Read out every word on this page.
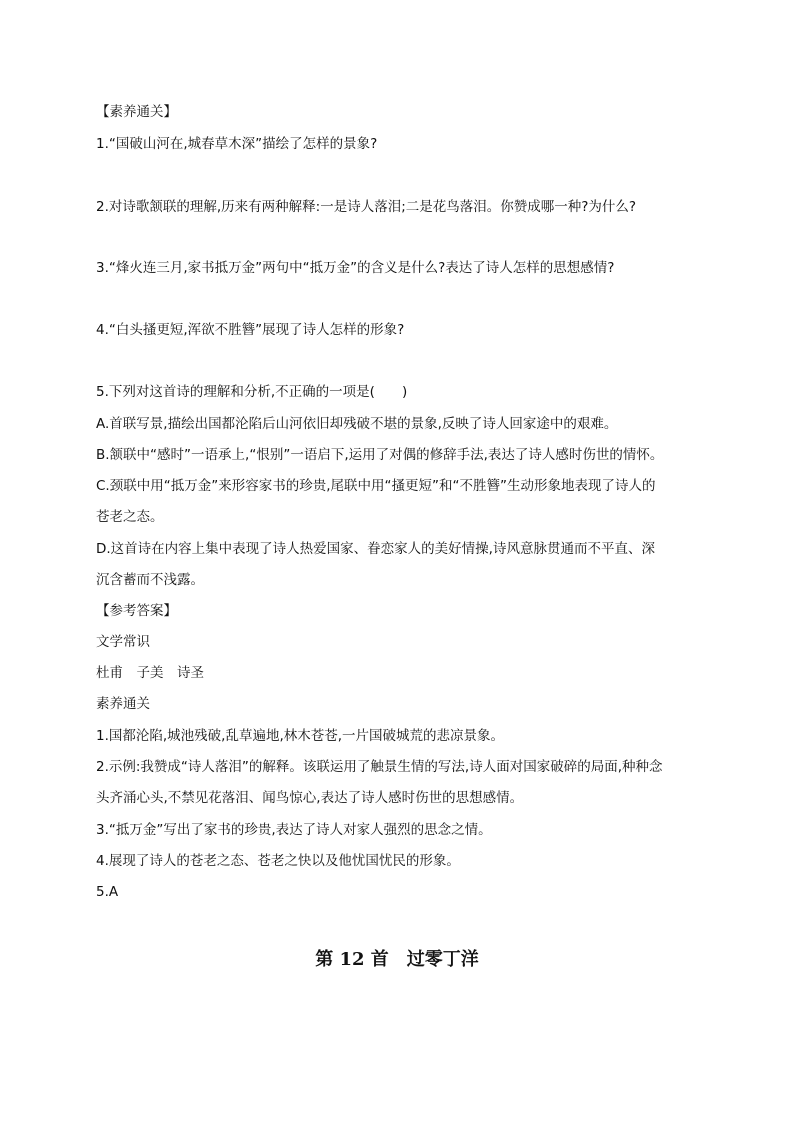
【素养通关】
1.“国破山河在,城春草木深”描绘了怎样的景象?
2.对诗歌颔联的理解,历来有两种解释:一是诗人落泪;二是花鸟落泪。你赞成哪一种?为什么?
3.“烽火连三月,家书抵万金”两句中“抵万金”的含义是什么?表达了诗人怎样的思想感情?
4.“白头搔更短,浑欲不胜簪”展现了诗人怎样的形象?
5.下列对这首诗的理解和分析,不正确的一项是(　　)
A.首联写景,描绘出国都沦陷后山河依旧却残破不堪的景象,反映了诗人回家途中的艰难。
B.颔联中“感时”一语承上,“恨别”一语启下,运用了对偶的修辞手法,表达了诗人感时伤世的情怀。
C.颈联中用“抵万金”来形容家书的珍贵,尾联中用“搔更短”和“不胜簪”生动形象地表现了诗人的
苍老之态。
D.这首诗在内容上集中表现了诗人热爱国家、眷恋家人的美好情操,诗风意脉贯通而不平直、深
沉含蓄而不浅露。
【参考答案】
文学常识
杜甫　子美　诗圣
素养通关
1.国都沦陷,城池残破,乱草遍地,林木苍苍,一片国破城荒的悲凉景象。
2.示例:我赞成“诗人落泪”的解释。该联运用了触景生情的写法,诗人面对国家破碎的局面,种种念
头齐涌心头,不禁见花落泪、闻鸟惊心,表达了诗人感时伤世的思想感情。
3.“抵万金”写出了家书的珍贵,表达了诗人对家人强烈的思念之情。
4.展现了诗人的苍老之态、苍老之快以及他忧国忧民的形象。
5.A
第 12 首　过零丁洋
